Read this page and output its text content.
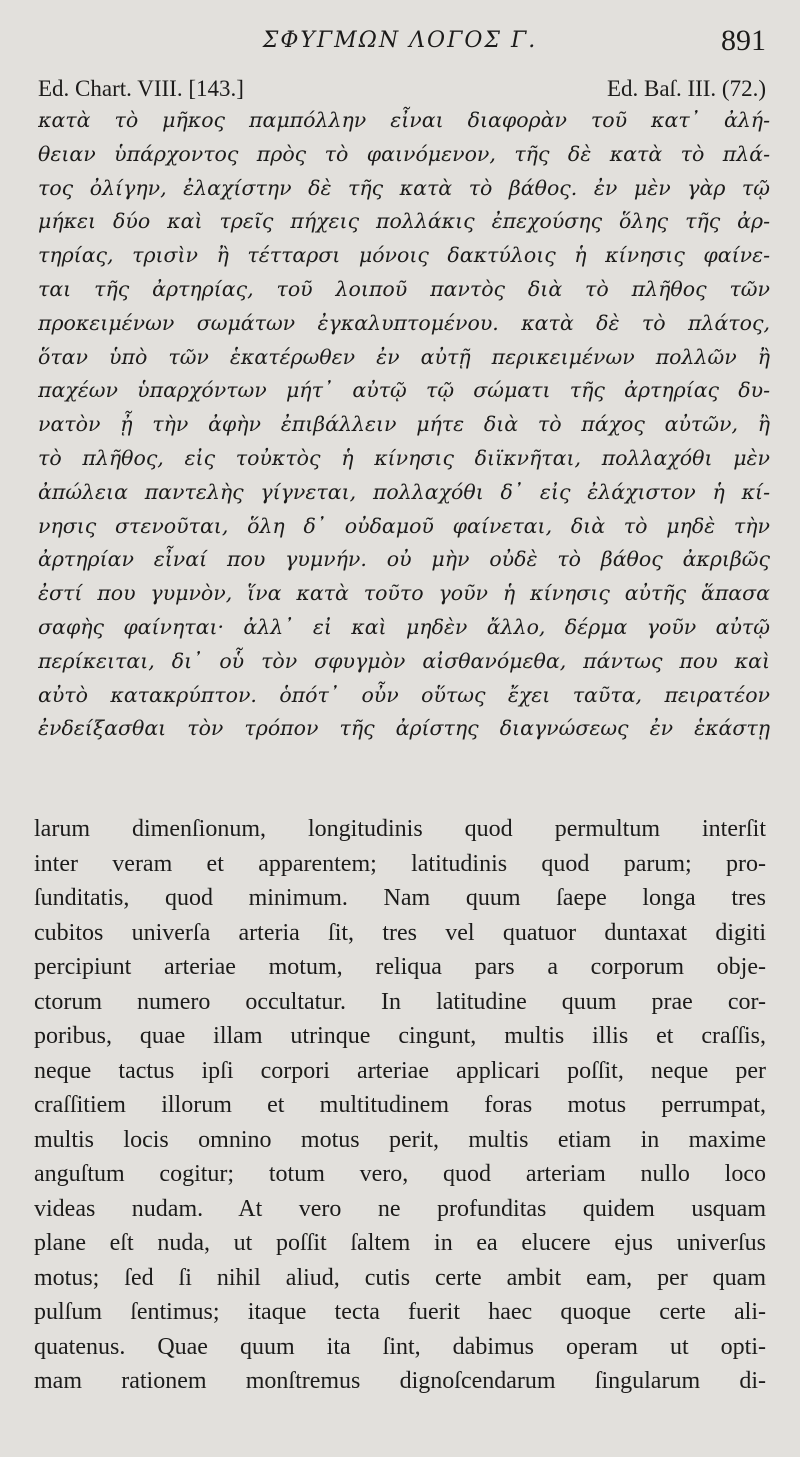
ΣΦΥΓΜΩΝ ΛΟΓΟΣ Γ.	891
Ed. Chart. VIII. [143.]	Ed. Baſ. III. (72.)
κατὰ τὸ μῆκος παμπόλλην εἶναι διαφορὰν τοῦ κατ᾽ ἀλή-
θειαν ὑπάρχοντος πρὸς τὸ φαινόμενον, τῆς δὲ κατὰ τὸ πλά-
τος ὀλίγην, ἐλαχίστην δὲ τῆς κατὰ τὸ βάθος. ἐν μὲν γὰρ τῷ
μήκει δύο καὶ τρεῖς πήχεις πολλάκις ἐπεχούσης ὅλης τῆς ἀρ-
τηρίας, τρισὶν ἢ τέτταρσι μόνοις δακτύλοις ἡ κίνησις φαίνε-
ται τῆς ἀρτηρίας, τοῦ λοιποῦ παντὸς διὰ τὸ πλῆθος τῶν
προκειμένων σωμάτων ἐγκαλυπτομένου. κατὰ δὲ τὸ πλάτος,
ὅταν ὑπὸ τῶν ἑκατέρωθεν ἐν αὐτῇ περικειμένων πολλῶν ἢ
παχέων ὑπαρχόντων μήτ᾽ αὐτῷ τῷ σώματι τῆς ἀρτηρίας δυ-
νατὸν ᾖ τὴν ἀφὴν ἐπιβάλλειν μήτε διὰ τὸ πάχος αὐτῶν, ἢ
τὸ πλῆθος, εἰς τοὐκτὸς ἡ κίνησις διϊκνῆται, πολλαχόθι μὲν
ἀπώλεια παντελὴς γίγνεται, πολλαχόθι δ᾽ εἰς ἐλάχιστον ἡ κί-
νησις στενοῦται, ὅλη δ᾽ οὐδαμοῦ φαίνεται, διὰ τὸ μηδὲ τὴν
ἀρτηρίαν εἶναί που γυμνήν. οὐ μὴν οὐδὲ τὸ βάθος ἀκριβῶς
ἐστί που γυμνὸν, ἵνα κατὰ τοῦτο γοῦν ἡ κίνησις αὐτῆς ἅπασα
σαφὴς φαίνηται· ἀλλ᾽ εἰ καὶ μηδὲν ἄλλο, δέρμα γοῦν αὐτῷ
περίκειται, δι᾽ οὗ τὸν σφυγμὸν αἰσθανόμεθα, πάντως που καὶ
αὐτὸ κατακρύπτον. ὁπότ᾽ οὖν οὕτως ἔχει ταῦτα, πειρατέον
ἐνδείξασθαι τὸν τρόπον τῆς ἀρίστης διαγνώσεως ἐν ἑκάστῃ
larum dimenſionum, longitudinis quod permultum interſit
inter veram et apparentem; latitudinis quod parum; pro-
ſunditatis, quod minimum. Nam quum ſaepe longa tres
cubitos univerſa arteria ſit, tres vel quatuor duntaxat digiti
percipiunt arteriae motum, reliqua pars a corporum obje-
ctorum numero occultatur. In latitudine quum prae cor-
poribus, quae illam utrinque cingunt, multis illis et craſſis,
neque tactus ipſi corpori arteriae applicari poſſit, neque per
craſſitiem illorum et multitudinem foras motus perrumpat,
multis locis omnino motus perit, multis etiam in maxime
anguſtum cogitur; totum vero, quod arteriam nullo loco
videas nudam. At vero ne profunditas quidem usquam
plane eſt nuda, ut poſſit ſaltem in ea elucere ejus univerſus
motus; ſed ſi nihil aliud, cutis certe ambit eam, per quam
pulſum ſentimus; itaque tecta fuerit haec quoque certe ali-
quatenus. Quae quum ita ſint, dabimus operam ut opti-
mam rationem monſtremus dignoſcendarum ſingularum di-
